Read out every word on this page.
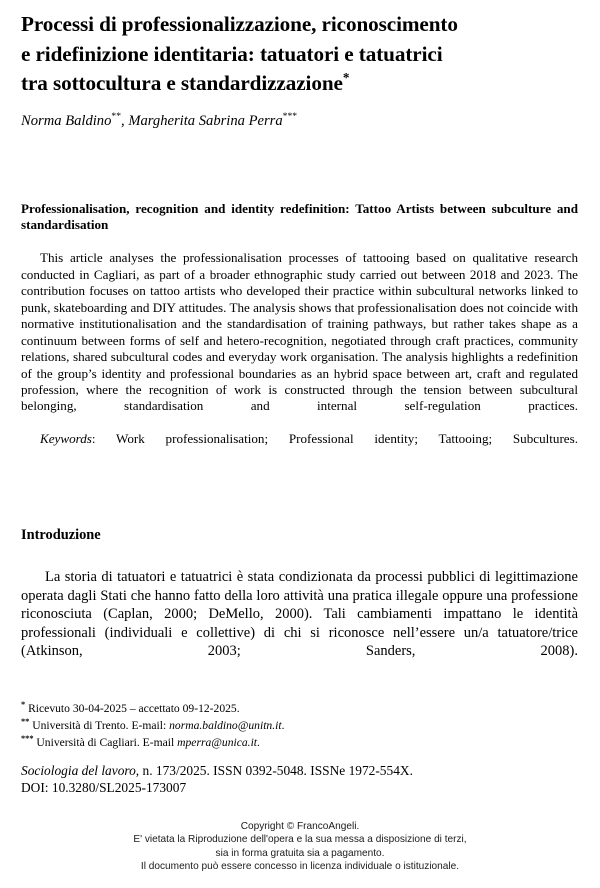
Processi di professionalizzazione, riconoscimento
e ridefinizione identitaria: tatuatori e tatuatrici
tra sottocultura e standardizzazione*
Norma Baldino**, Margherita Sabrina Perra***
Professionalisation, recognition and identity redefinition: Tattoo Artists between subculture and standardisation
This article analyses the professionalisation processes of tattooing based on qualitative research conducted in Cagliari, as part of a broader ethnographic study carried out between 2018 and 2023. The contribution focuses on tattoo artists who developed their practice within subcultural networks linked to punk, skateboarding and DIY attitudes. The analysis shows that professionalisation does not coincide with normative institutionalisation and the standardisation of training pathways, but rather takes shape as a continuum between forms of self and hetero-recognition, negotiated through craft practices, community relations, shared subcultural codes and everyday work organisation. The analysis highlights a redefinition of the group’s identity and professional boundaries as an hybrid space between art, craft and regulated profession, where the recognition of work is constructed through the tension between subcultural belonging, standardisation and internal self-regulation practices.
Keywords: Work professionalisation; Professional identity; Tattooing; Subcultures.
Introduzione
La storia di tatuatori e tatuatrici è stata condizionata da processi pubblici di legittimazione operata dagli Stati che hanno fatto della loro attività una pratica illegale oppure una professione riconosciuta (Caplan, 2000; DeMello, 2000). Tali cambiamenti impattano le identità professionali (individuali e collettive) di chi si riconosce nell’essere un/a tatuatore/trice (Atkinson, 2003; Sanders, 2008).
* Ricevuto 30-04-2025 – accettato 09-12-2025.
** Università di Trento. E-mail: norma.baldino@unitn.it.
*** Università di Cagliari. E-mail mperra@unica.it.
Sociologia del lavoro, n. 173/2025. ISSN 0392-5048. ISSNe 1972-554X.
DOI: 10.3280/SL2025-173007
Copyright © FrancoAngeli.
E' vietata la Riproduzione dell'opera e la sua messa a disposizione di terzi,
sia in forma gratuita sia a pagamento.
Il documento può essere concesso in licenza individuale o istituzionale.
